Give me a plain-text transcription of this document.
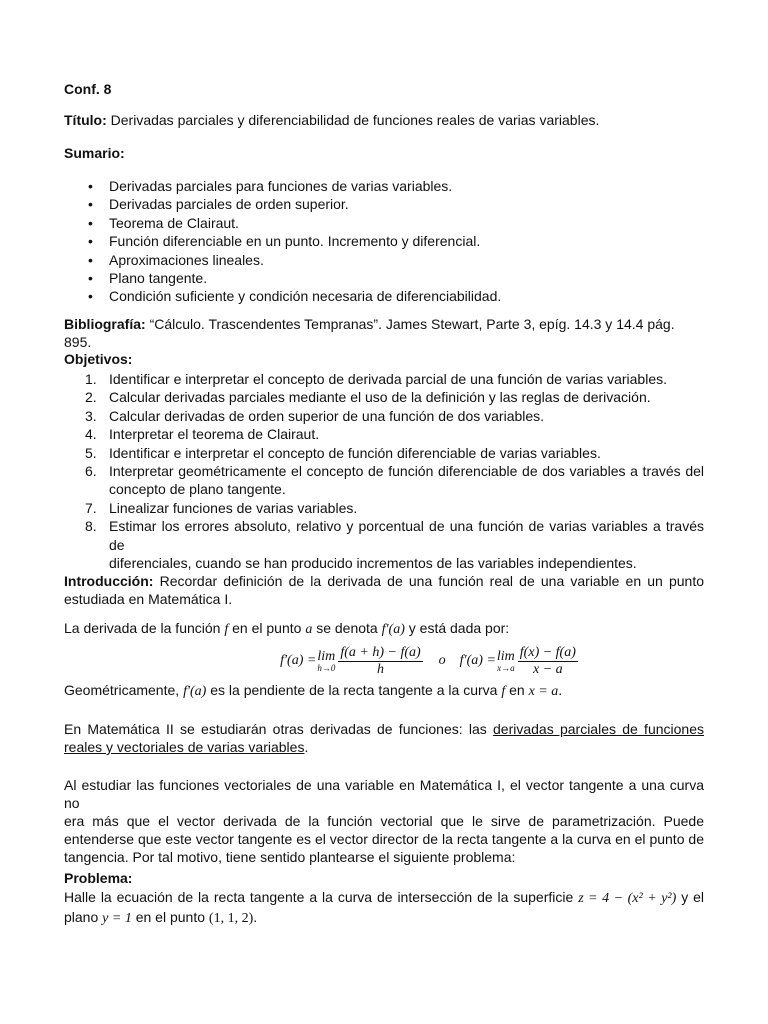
Conf. 8
Título: Derivadas parciales y diferenciabilidad de funciones reales de varias variables.
Sumario:
• Derivadas parciales para funciones de varias variables.
• Derivadas parciales de orden superior.
• Teorema de Clairaut.
• Función diferenciable en un punto. Incremento y diferencial.
• Aproximaciones lineales.
• Plano tangente.
• Condición suficiente y condición necesaria de diferenciabilidad.
Bibliografía: “Cálculo. Trascendentes Tempranas”. James Stewart, Parte 3, epíg. 14.3 y 14.4 pág. 895.
Objetivos:
1. Identificar e interpretar el concepto de derivada parcial de una función de varias variables.
2. Calcular derivadas parciales mediante el uso de la definición y las reglas de derivación.
3. Calcular derivadas de orden superior de una función de dos variables.
4. Interpretar el teorema de Clairaut.
5. Identificar e interpretar el concepto de función diferenciable de varias variables.
6. Interpretar geométricamente el concepto de función diferenciable de dos variables a través del
concepto de plano tangente.
7. Linealizar funciones de varias variables.
8. Estimar los errores absoluto, relativo y porcentual de una función de varias variables a través de
diferenciales, cuando se han producido incrementos de las variables independientes.
Introducción: Recordar definición de la derivada de una función real de una variable en un punto
estudiada en Matemática I.
La derivada de la función f en el punto a se denota f′(a) y está dada por:
f′(a) = lim
$h\to 0 \frac{f(a + h) - f(a)}{h}$ o f′(a) = lim
$x\to a \frac{f(x) - f(a)}{x - a}$
Geométricamente, f′(a) es la pendiente de la recta tangente a la curva f en x = a.
En Matemática II se estudiarán otras derivadas de funciones: las derivadas parciales de funciones
reales y vectoriales de varias variables.
Al estudiar las funciones vectoriales de una variable en Matemática I, el vector tangente a una curva no
era más que el vector derivada de la función vectorial que le sirve de parametrización. Puede
entenderse que este vector tangente es el vector director de la recta tangente a la curva en el punto de
tangencia. Por tal motivo, tiene sentido plantearse el siguiente problema:
Problema:
Halle la ecuación de la recta tangente a la curva de intersección de la superficie z = 4 − (x² + y²) y el
plano y = 1 en el punto (1, 1, 2).
